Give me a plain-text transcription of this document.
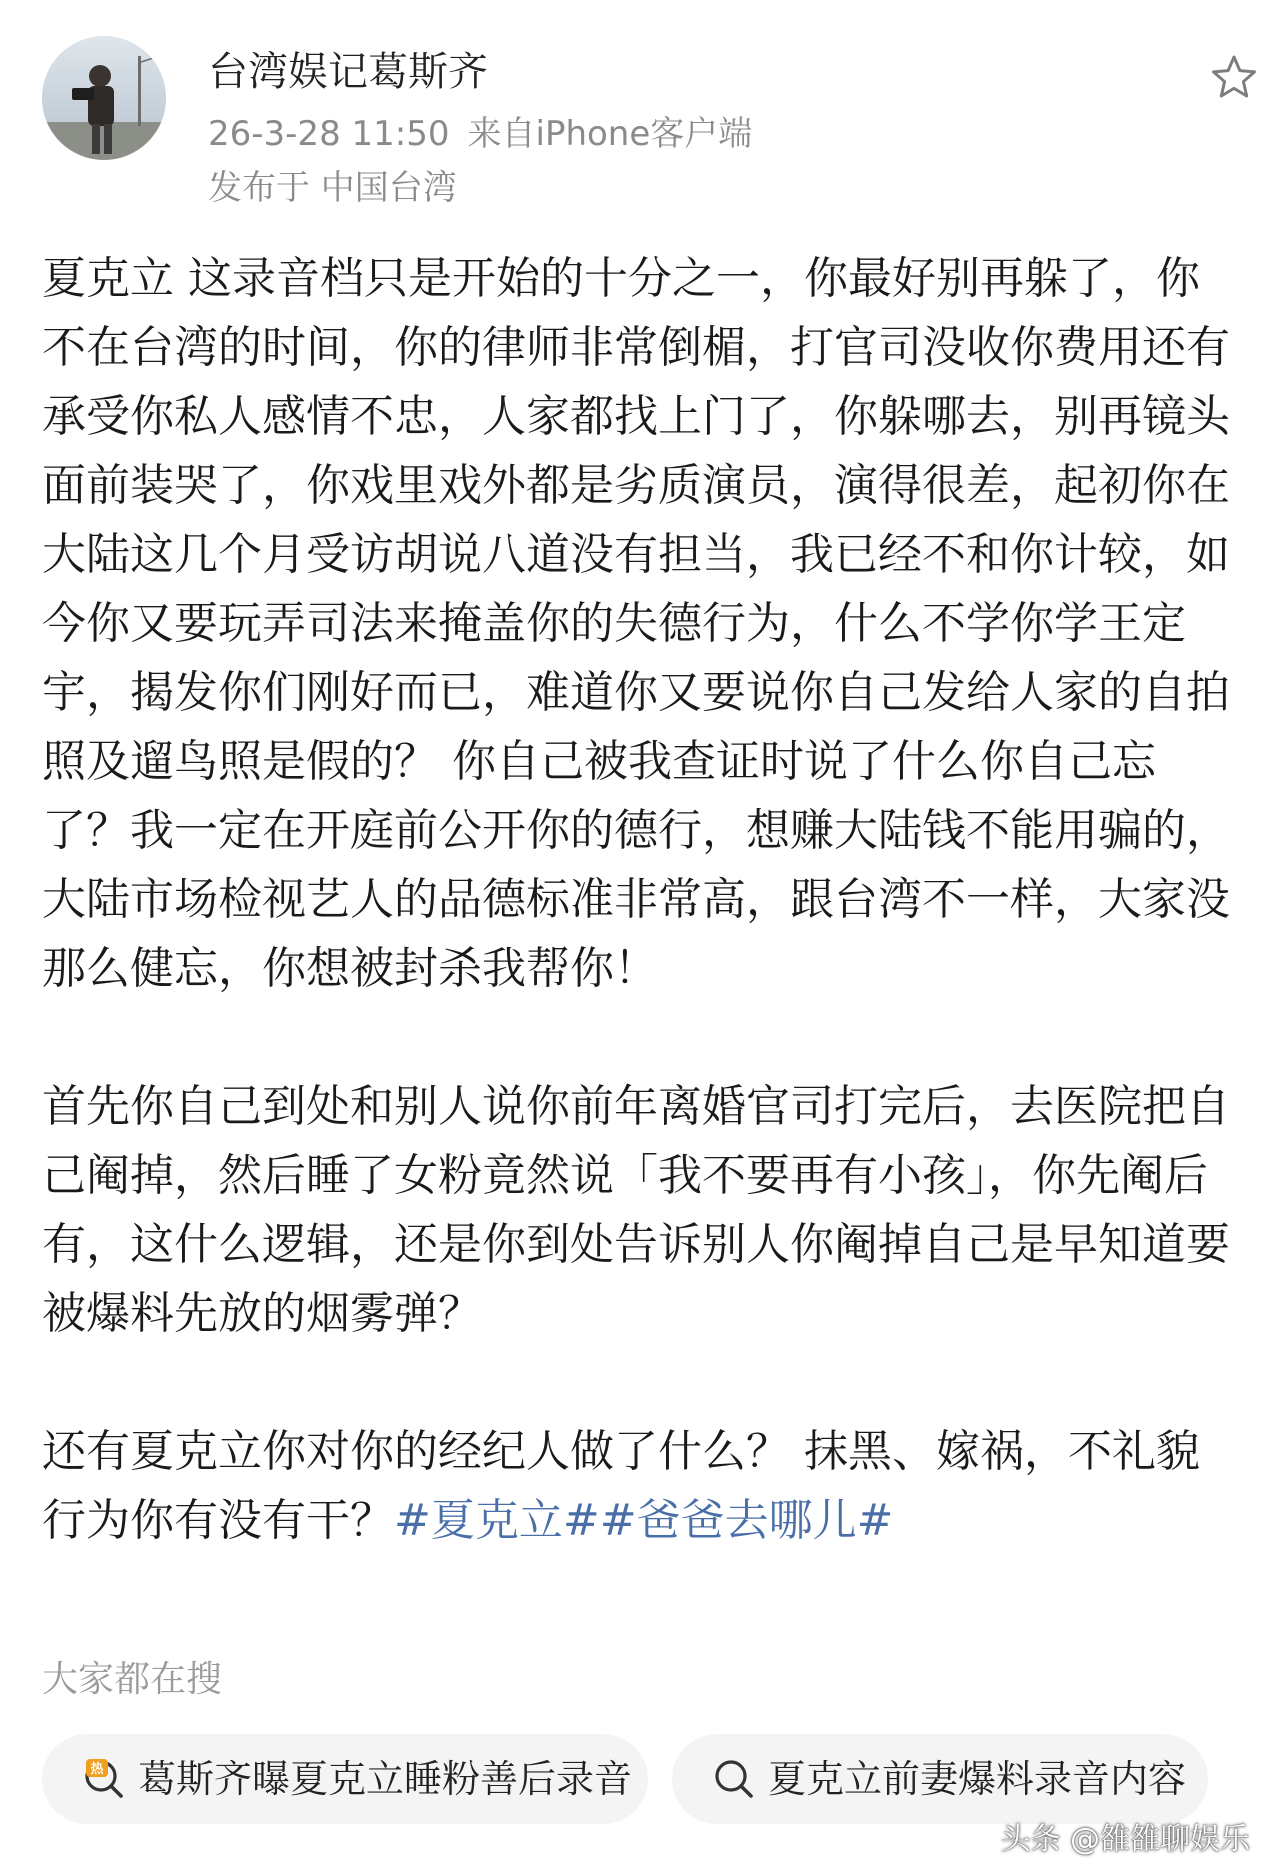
台湾娱记葛斯齐
26-3-28 11:50 来自iPhone客户端
发布于 中国台湾

夏克立 这录音档只是开始的十分之一，你最好别再躲了，你不在台湾的时间，你的律师非常倒楣，打官司没收你费用还有承受你私人感情不忠，人家都找上门了，你躲哪去，别再镜头面前装哭了，你戏里戏外都是劣质演员，演得很差，起初你在大陆这几个月受访胡说八道没有担当，我已经不和你计较，如今你又要玩弄司法来掩盖你的失德行为，什么不学你学王定宇，揭发你们刚好而已，难道你又要说你自己发给人家的自拍照及遛鸟照是假的？ 你自己被我查证时说了什么你自己忘了？我一定在开庭前公开你的德行，想赚大陆钱不能用骗的，大陆市场检视艺人的品德标准非常高，跟台湾不一样，大家没那么健忘，你想被封杀我帮你！

首先你自己到处和别人说你前年离婚官司打完后，去医院把自己阉掉，然后睡了女粉竟然说「我不要再有小孩」，你先阉后有，这什么逻辑，还是你到处告诉别人你阉掉自己是早知道要被爆料先放的烟雾弹？

还有夏克立你对你的经纪人做了什么？ 抹黑、嫁祸，不礼貌行为你有没有干？#夏克立##爸爸去哪儿#

大家都在搜
热 葛斯齐曝夏克立睡粉善后录音	夏克立前妻爆料录音内容
头条 @雒雒聊娱乐
